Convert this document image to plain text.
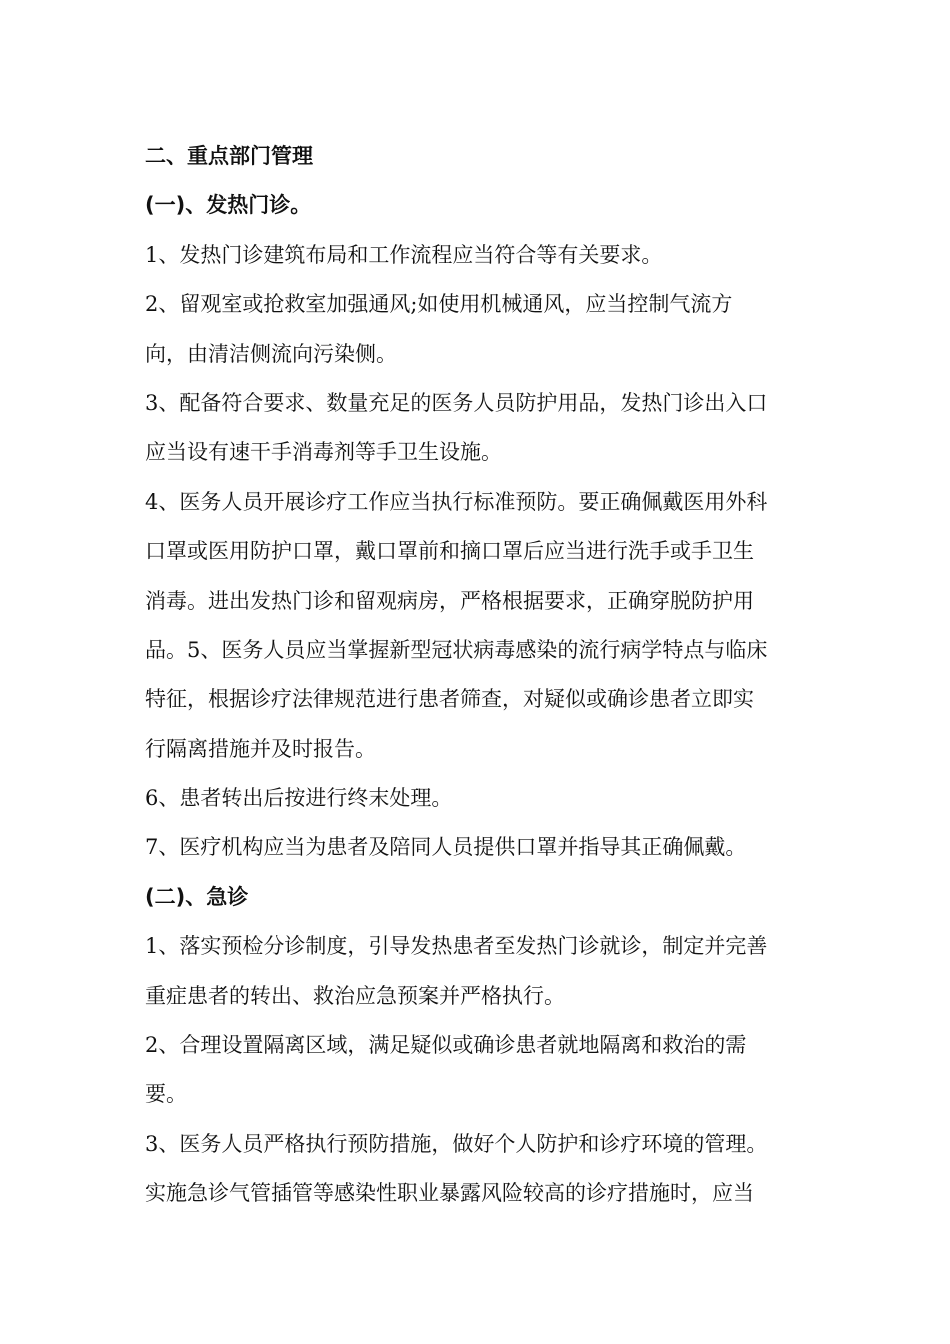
二、重点部门管理
(一)、发热门诊。
1、发热门诊建筑布局和工作流程应当符合等有关要求。
2、留观室或抢救室加强通风;如使用机械通风，应当控制气流方
向，由清洁侧流向污染侧。
3、配备符合要求、数量充足的医务人员防护用品，发热门诊出入口
应当设有速干手消毒剂等手卫生设施。
4、医务人员开展诊疗工作应当执行标准预防。要正确佩戴医用外科
口罩或医用防护口罩，戴口罩前和摘口罩后应当进行洗手或手卫生
消毒。进出发热门诊和留观病房，严格根据要求，正确穿脱防护用
品。5、医务人员应当掌握新型冠状病毒感染的流行病学特点与临床
特征，根据诊疗法律规范进行患者筛查，对疑似或确诊患者立即实
行隔离措施并及时报告。
6、患者转出后按进行终末处理。
7、医疗机构应当为患者及陪同人员提供口罩并指导其正确佩戴。
(二)、急诊
1、落实预检分诊制度，引导发热患者至发热门诊就诊，制定并完善
重症患者的转出、救治应急预案并严格执行。
2、合理设置隔离区域，满足疑似或确诊患者就地隔离和救治的需
要。
3、医务人员严格执行预防措施，做好个人防护和诊疗环境的管理。
实施急诊气管插管等感染性职业暴露风险较高的诊疗措施时，应当
